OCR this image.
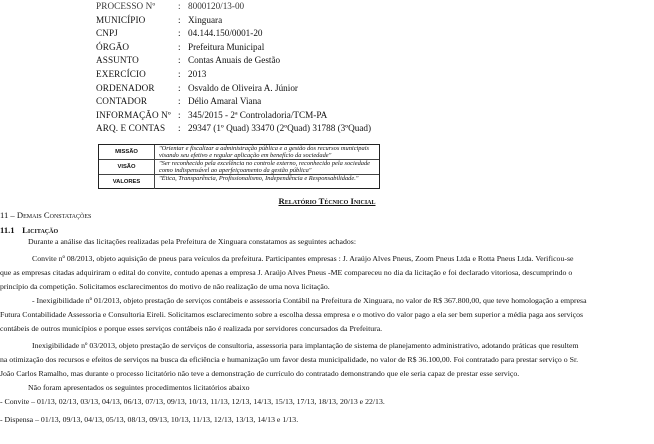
PROCESSO Nº : 8000120/13-00
MUNICÍPIO	: Xinguara
CNPJ	: 04.144.150/0001-20
ÓRGÃO	: Prefeitura Municipal
ASSUNTO	: Contas Anuais de Gestão
EXERCÍCIO	: 2013
ORDENADOR	: Osvaldo de Oliveira A. Júnior
CONTADOR	: Délio Amaral Viana
INFORMAÇÃO Nº : 345/2015 - 2ª Controladoria/TCM-PA
ARQ. E CONTAS : 29347 (1º Quad) 33470 (2ºQuad) 31788 (3ºQuad)
MISSÃO	"Orientar e fiscalizar a administração pública e a gestão dos recursos municipais visando seu efetivo e regular aplicação em benefício da sociedade"
VISÃO	"Ser reconhecido pela excelência no controle externo, reconhecido pela sociedade como indispensável ao aperfeiçoamento da gestão pública"
VALORES	"Ética, Transparência, Profissionalismo, Independência e Responsabilidade."
Relatório Técnico Inicial
11 – Demais Constatações
11.1 Licitação
Durante a análise das licitações realizadas pela Prefeitura de Xinguara constatamos as seguintes achados:
Convite nº 08/2013, objeto aquisição de pneus para veículos da prefeitura. Participantes empresas : J. Araújo Alves Pneus, Zoom Pneus Ltda e Rotta Pneus Ltda. Verificou-se
que as empresas citadas adquiriram o edital do convite, contudo apenas a empresa J. Araújo Alves Pneus -ME compareceu no dia da licitação e foi declarado vitoriosa, descumprindo o
princípio da competição. Solicitamos esclarecimentos do motivo de não realização de uma nova licitação.
- Inexigibilidade nº 01/2013, objeto prestação de serviços contábeis e assessoria Contábil na Prefeitura de Xinguara, no valor de R$ 367.800,00, que teve homologação a empresa
Futura Contabilidade Assessoria e Consultoria Eireli. Solicitamos esclarecimento sobre a escolha dessa empresa e o motivo do valor pago a ela ser bem superior a média paga aos serviços
contábeis de outros municípios e porque esses serviços contábeis não é realizada por servidores concursados da Prefeitura.
Inexigibilidade nº 03/2013, objeto prestação de serviços de consultoria, assessoria para implantação de sistema de planejamento administrativo, adotando práticas que resultem
na otimização dos recursos e efeitos de serviços na busca da eficiência e humanização um favor desta municipalidade, no valor de R$ 36.100,00. Foi contratado para prestar serviço o Sr.
João Carlos Ramalho, mas durante o processo licitatório não teve a demonstração de currículo do contratado demonstrando que ele seria capaz de prestar esse serviço.
Não foram apresentados os seguintes procedimentos licitatórios abaixo
- Convite – 01/13, 02/13, 03/13, 04/13, 06/13, 07/13, 09/13, 10/13, 11/13, 12/13, 14/13, 15/13, 17/13, 18/13, 20/13 e 22/13.
- Dispensa – 01/13, 09/13, 04/13, 05/13, 08/13, 09/13, 10/13, 11/13, 12/13, 13/13, 14/13 e 1/13.
